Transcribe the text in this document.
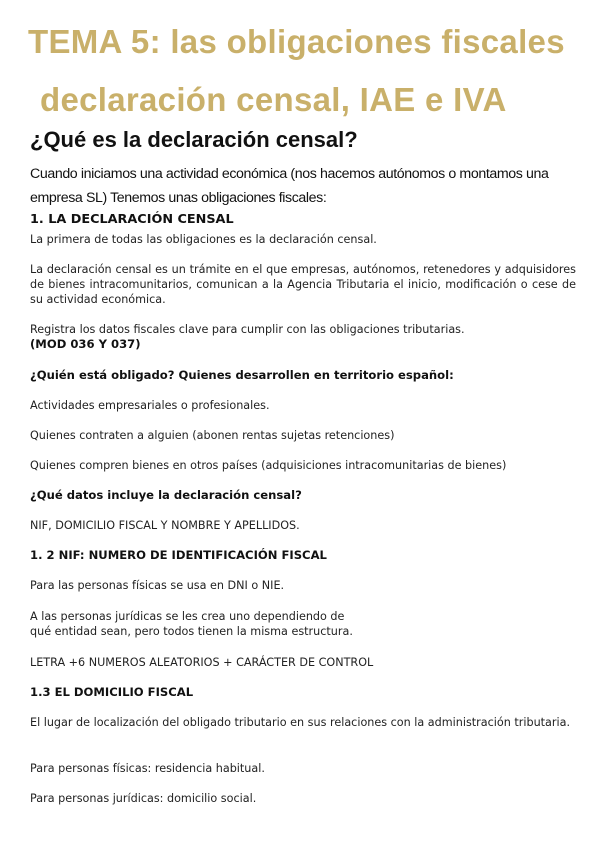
TEMA 5: las obligaciones fiscales
declaración censal, IAE e IVA
¿Qué es la declaración censal?
Cuando iniciamos una actividad económica (nos hacemos autónomos o montamos una empresa SL) Tenemos unas obligaciones fiscales:
1. LA DECLARACIÓN CENSAL
La primera de todas las obligaciones es la declaración censal.
La declaración censal es un trámite en el que empresas, autónomos, retenedores y adquisidores de bienes intracomunitarios, comunican a la Agencia Tributaria el inicio, modificación o cese de su actividad económica.
Registra los datos fiscales clave para cumplir con las obligaciones tributarias.
(MOD 036 Y 037)
¿Quién está obligado? Quienes desarrollen en territorio español:
Actividades empresariales o profesionales.
Quienes contraten a alguien (abonen rentas sujetas retenciones)
Quienes compren bienes en otros países (adquisiciones intracomunitarias de bienes)
¿Qué datos incluye la declaración censal?
NIF, DOMICILIO FISCAL Y NOMBRE Y APELLIDOS.
1. 2 NIF: NUMERO DE IDENTIFICACIÓN FISCAL
Para las personas físicas se usa en DNI o NIE.
A las personas jurídicas se les crea uno dependiendo de
qué entidad sean, pero todos tienen la misma estructura.
LETRA +6 NUMEROS ALEATORIOS + CARÁCTER DE CONTROL
1.3 EL DOMICILIO FISCAL
El lugar de localización del obligado tributario en sus relaciones con la administración tributaria.
Para personas físicas: residencia habitual.
Para personas jurídicas: domicilio social.
